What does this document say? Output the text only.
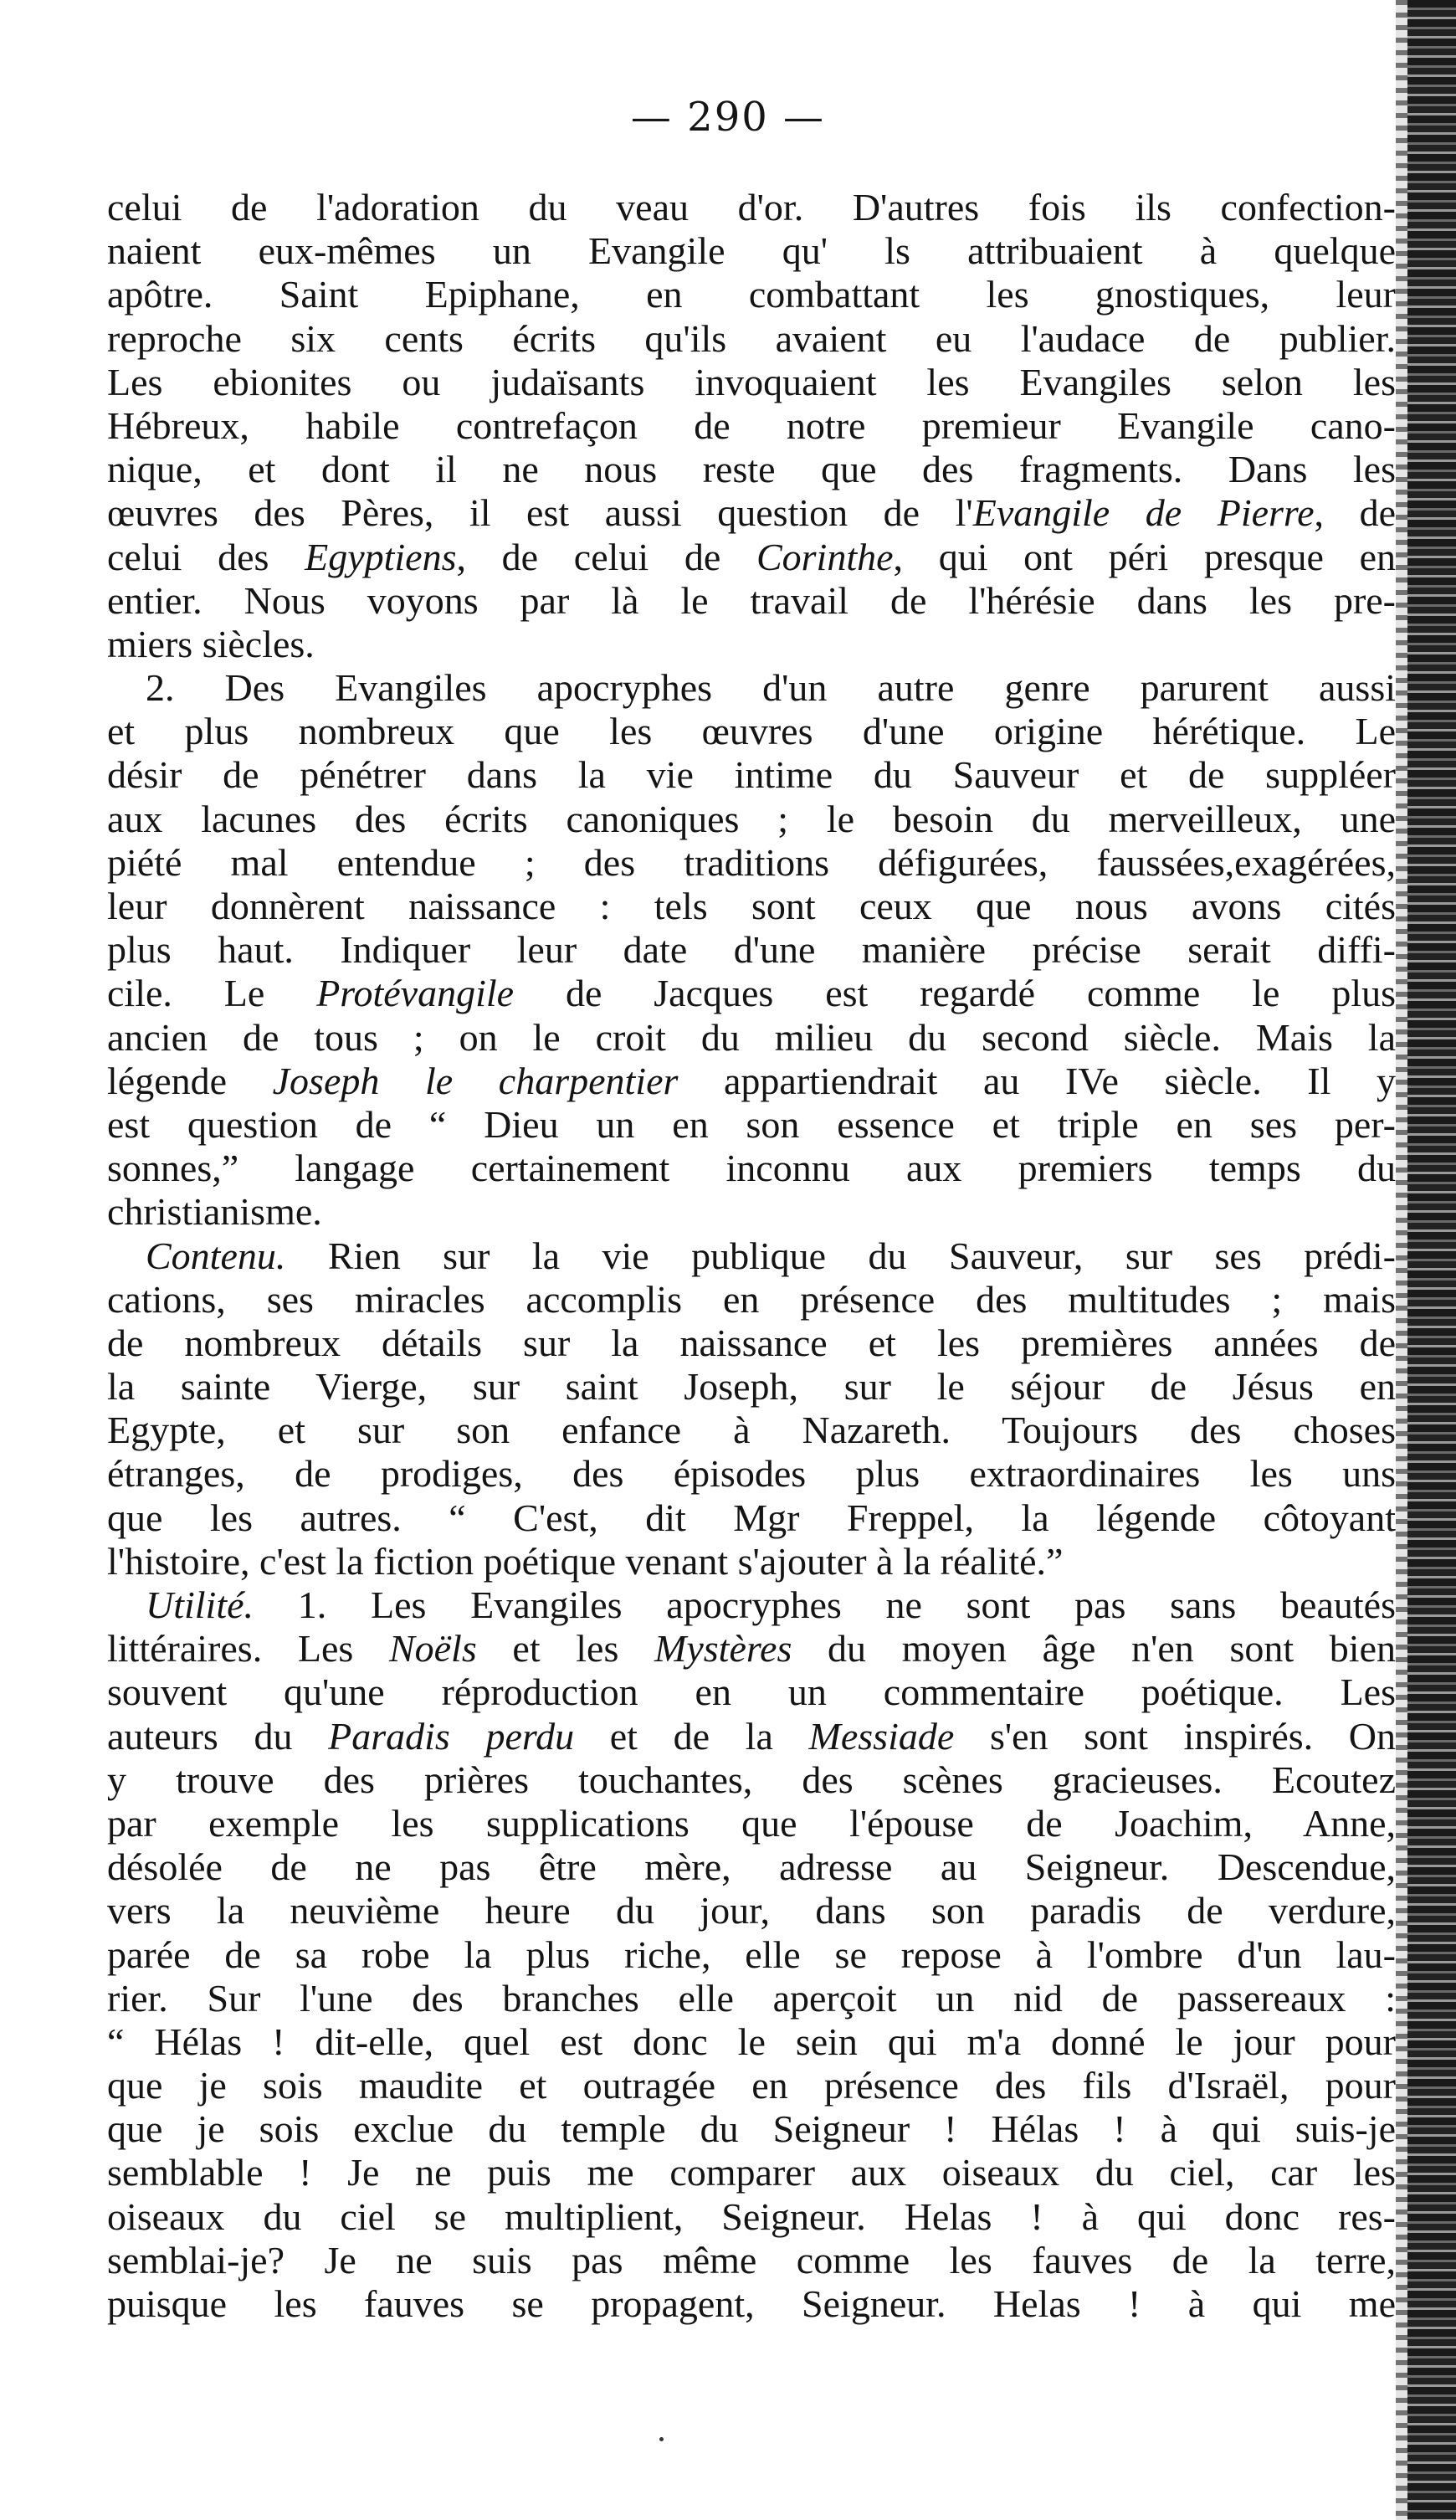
— 290 —
celui de l'adoration du veau d'or. D'autres fois ils confection-
naient eux-mêmes un Evangile qu' ls attribuaient à quelque
apôtre. Saint Epiphane, en combattant les gnostiques, leur
reproche six cents écrits qu'ils avaient eu l'audace de publier.
Les ebionites ou judaïsants invoquaient les Evangiles selon les
Hébreux, habile contrefaçon de notre premieur Evangile cano-
nique, et dont il ne nous reste que des fragments. Dans les
œuvres des Pères, il est aussi question de l'Evangile de Pierre, de
celui des Egyptiens, de celui de Corinthe, qui ont péri presque en
entier. Nous voyons par là le travail de l'hérésie dans les pre-
miers siècles.
2. Des Evangiles apocryphes d'un autre genre parurent aussi
et plus nombreux que les œuvres d'une origine hérétique. Le
désir de pénétrer dans la vie intime du Sauveur et de suppléer
aux lacunes des écrits canoniques ; le besoin du merveilleux, une
piété mal entendue ; des traditions défigurées, faussées,exagérées,
leur donnèrent naissance : tels sont ceux que nous avons cités
plus haut. Indiquer leur date d'une manière précise serait diffi-
cile. Le Protévangile de Jacques est regardé comme le plus
ancien de tous ; on le croit du milieu du second siècle. Mais la
légende Joseph le charpentier appartiendrait au IVe siècle. Il y
est question de “ Dieu un en son essence et triple en ses per-
sonnes,” langage certainement inconnu aux premiers temps du
christianisme.
Contenu. Rien sur la vie publique du Sauveur, sur ses prédi-
cations, ses miracles accomplis en présence des multitudes ; mais
de nombreux détails sur la naissance et les premières années de
la sainte Vierge, sur saint Joseph, sur le séjour de Jésus en
Egypte, et sur son enfance à Nazareth. Toujours des choses
étranges, de prodiges, des épisodes plus extraordinaires les uns
que les autres. “ C'est, dit Mgr Freppel, la légende côtoyant
l'histoire, c'est la fiction poétique venant s'ajouter à la réalité.”
Utilité. 1. Les Evangiles apocryphes ne sont pas sans beautés
littéraires. Les Noëls et les Mystères du moyen âge n'en sont bien
souvent qu'une réproduction en un commentaire poétique. Les
auteurs du Paradis perdu et de la Messiade s'en sont inspirés. On
y trouve des prières touchantes, des scènes gracieuses. Ecoutez
par exemple les supplications que l'épouse de Joachim, Anne,
désolée de ne pas être mère, adresse au Seigneur. Descendue,
vers la neuvième heure du jour, dans son paradis de verdure,
parée de sa robe la plus riche, elle se repose à l'ombre d'un lau-
rier. Sur l'une des branches elle aperçoit un nid de passereaux :
“ Hélas ! dit-elle, quel est donc le sein qui m'a donné le jour pour
que je sois maudite et outragée en présence des fils d'Israël, pour
que je sois exclue du temple du Seigneur ! Hélas ! à qui suis-je
semblable ! Je ne puis me comparer aux oiseaux du ciel, car les
oiseaux du ciel se multiplient, Seigneur. Helas ! à qui donc res-
semblai-je? Je ne suis pas même comme les fauves de la terre,
puisque les fauves se propagent, Seigneur. Helas ! à qui me
